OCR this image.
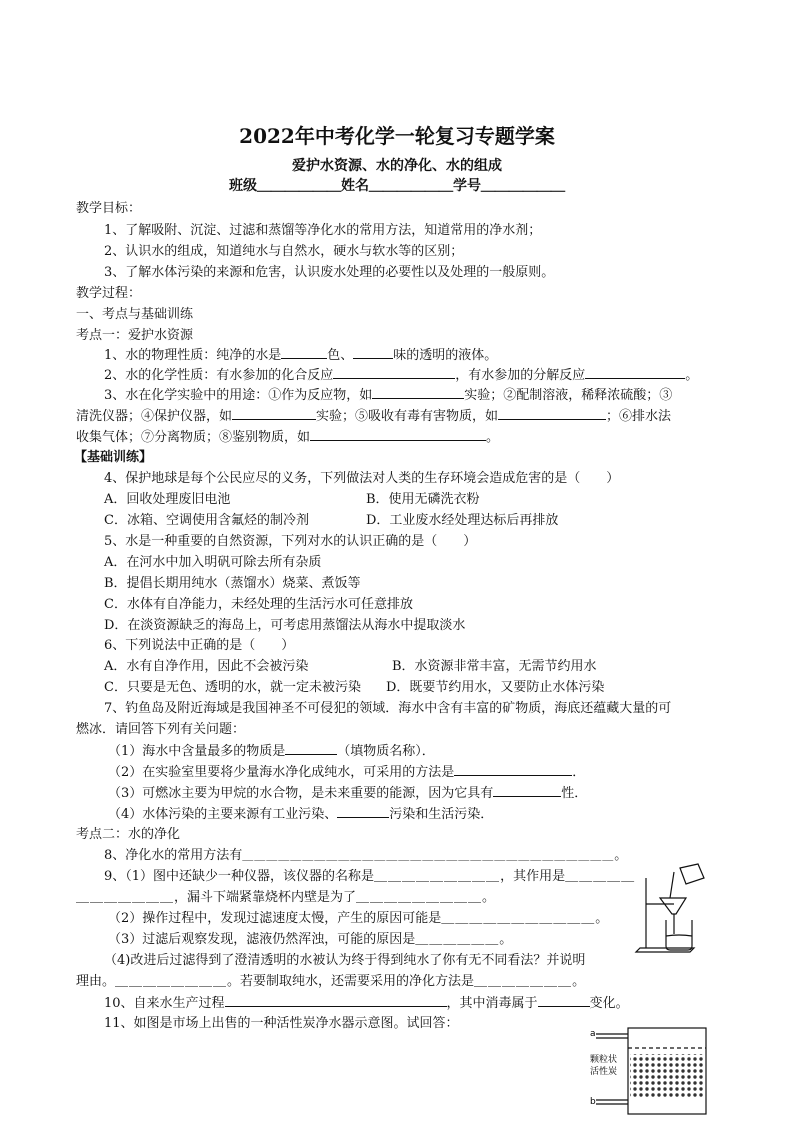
2022年中考化学一轮复习专题学案
爱护水资源、水的净化、水的组成
班级＿＿＿＿＿＿姓名＿＿＿＿＿＿学号＿＿＿＿＿＿
教学目标：
1、了解吸附、沉淀、过滤和蒸馏等净化水的常用方法，知道常用的净水剂；
2、认识水的组成，知道纯水与自然水，硬水与软水等的区别；
3、了解水体污染的来源和危害，认识废水处理的必要性以及处理的一般原则。
教学过程：
一、考点与基础训练
考点一：爱护水资源
1、水的物理性质：纯净的水是	色、	味的透明的液体。
2、水的化学性质：有水参加的化合反应	，有水参加的分解反应	。
3、水在化学实验中的用途：①作为反应物，如	实验；②配制溶液，稀释浓硫酸；③
清洗仪器；④保护仪器，如	实验；⑤吸收有毒有害物质，如	；⑥排水法
收集气体；⑦分离物质；⑧鉴别物质，如	。
【基础训练】
4、保护地球是每个公民应尽的义务，下列做法对人类的生存环境会造成危害的是（　　）
A．回收处理废旧电池	B．使用无磷洗衣粉
C．冰箱、空调使用含氟烃的制冷剂	D．工业废水经处理达标后再排放
5、水是一种重要的自然资源，下列对水的认识正确的是（　　）
A．在河水中加入明矾可除去所有杂质
B．提倡长期用纯水（蒸馏水）烧菜、煮饭等
C．水体有自净能力，未经处理的生活污水可任意排放
D．在淡资源缺乏的海岛上，可考虑用蒸馏法从海水中提取淡水
6、下列说法中正确的是（　　）
A．水有自净作用，因此不会被污染	B．水资源非常丰富，无需节约用水
C．只要是无色、透明的水，就一定未被污染 D．既要节约用水，又要防止水体污染
7、钓鱼岛及附近海域是我国神圣不可侵犯的领域．海水中含有丰富的矿物质，海底还蕴藏大量的可
燃冰．请回答下列有关问题：
（1）海水中含量最多的物质是	（填物质名称）．
（2）在实验室里要将少量海水净化成纯水，可采用的方法是	．
（3）可燃冰主要为甲烷的水合物，是未来重要的能源，因为它具有	性．
（4）水体污染的主要来源有工业污染、	污染和生活污染．
考点二：水的净化
8、净化水的常用方法有＿＿＿＿＿＿＿＿＿＿＿＿＿＿＿＿＿＿＿＿＿＿＿＿＿＿＿＿＿＿＿。
9、（1）图中还缺少一种仪器，该仪器的名称是＿＿＿＿＿＿＿＿＿，其作用是＿＿＿＿＿
＿＿＿＿＿＿＿，漏斗下端紧靠烧杯内壁是为了＿＿＿＿＿＿＿＿＿。
（2）操作过程中，发现过滤速度太慢，产生的原因可能是＿＿＿＿＿＿＿＿＿＿＿。
（3）过滤后观察发现，滤液仍然浑浊，可能的原因是＿＿＿＿＿＿。
（4)改进后过滤得到了澄清透明的水被认为终于得到纯水了你有无不同看法？并说明
理由。＿＿＿＿＿＿＿＿。若要制取纯水，还需要采用的净化方法是＿＿＿＿＿＿＿。
10、自来水生产过程	，其中消毒属于	变化。
11、如图是市场上出售的一种活性炭净水器示意图。试回答：
a
颗粒状
活性炭
b
